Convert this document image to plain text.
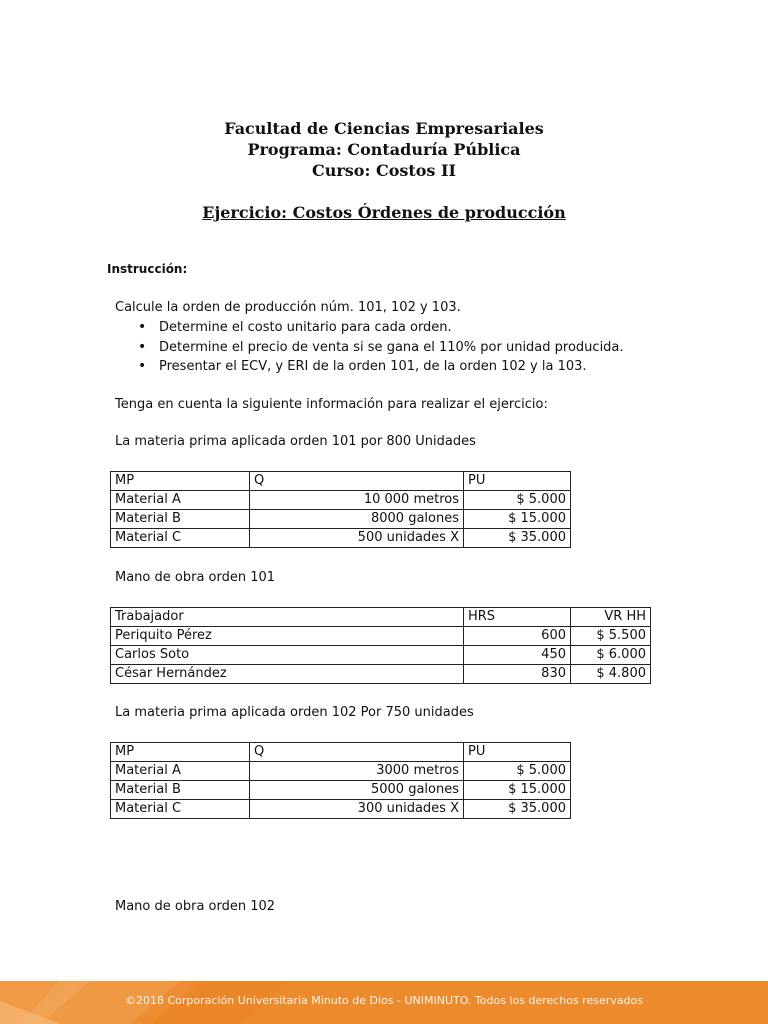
Facultad de Ciencias Empresariales
Programa: Contaduría Pública
Curso: Costos II
Ejercicio: Costos Órdenes de producción
Instrucción:
Calcule la orden de producción núm. 101, 102 y 103.
• Determine el costo unitario para cada orden.
• Determine el precio de venta si se gana el 110% por unidad producida.
• Presentar el ECV, y ERI de la orden 101, de la orden 102 y la 103.
Tenga en cuenta la siguiente información para realizar el ejercicio:
La materia prima aplicada orden 101 por 800 Unidades
MP	Q	PU
Material A	10 000 metros	$ 5.000
Material B	8000 galones	$ 15.000
Material C	500 unidades X	$ 35.000
Mano de obra orden 101
Trabajador	HRS	VR HH
Periquito Pérez	600	$ 5.500
Carlos Soto	450	$ 6.000
César Hernández	830	$ 4.800
La materia prima aplicada orden 102 Por 750 unidades
MP	Q	PU
Material A	3000 metros	$ 5.000
Material B	5000 galones	$ 15.000
Material C	300 unidades X	$ 35.000
Mano de obra orden 102
©2018 Corporación Universitaria Minuto de Dios - UNIMINUTO. Todos los derechos reservados
